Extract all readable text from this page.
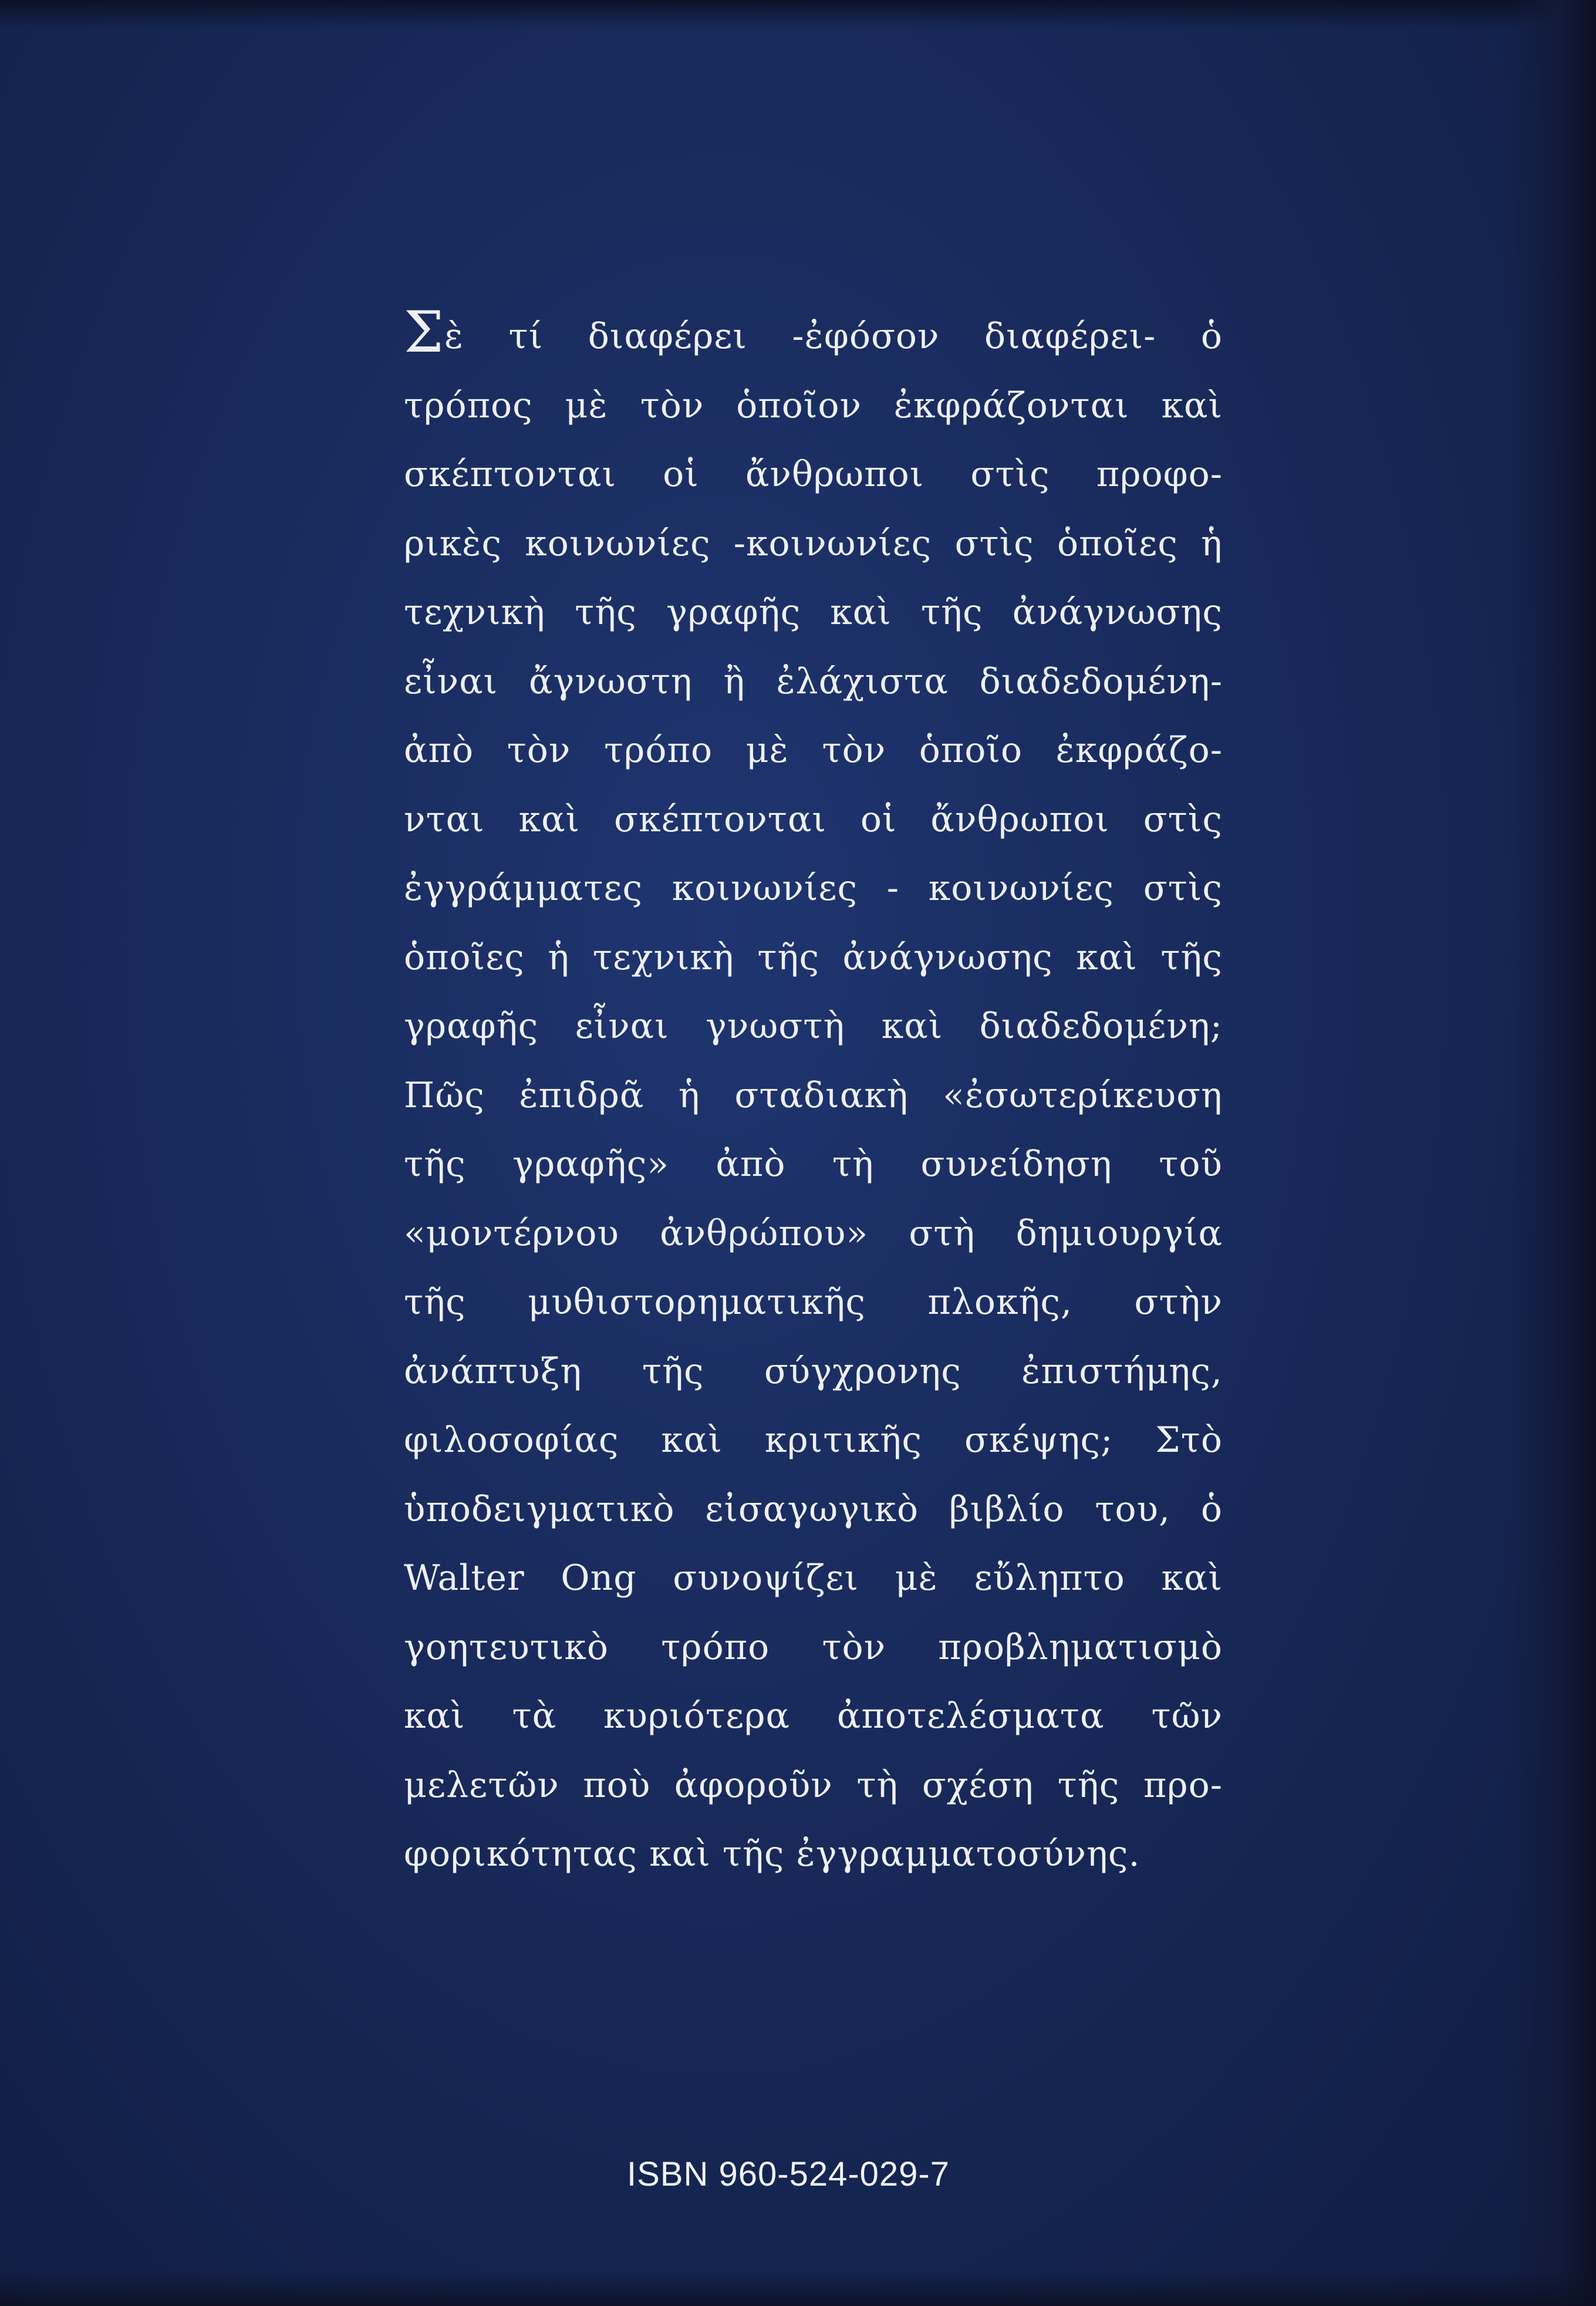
Σὲ τί διαφέρει -ἐφόσον διαφέρει- ὁ
τρόπος μὲ τὸν ὁποῖον ἐκφράζονται καὶ
σκέπτονται οἱ ἄνθρωποι στὶς προφο-
ρικὲς κοινωνίες -κοινωνίες στὶς ὁποῖες ἡ
τεχνικὴ τῆς γραφῆς καὶ τῆς ἀνάγνωσης
εἶναι ἄγνωστη ἢ ἐλάχιστα διαδεδομένη-
ἀπὸ τὸν τρόπο μὲ τὸν ὁποῖο ἐκφράζο-
νται καὶ σκέπτονται οἱ ἄνθρωποι στὶς
ἐγγράμματες κοινωνίες - κοινωνίες στὶς
ὁποῖες ἡ τεχνικὴ τῆς ἀνάγνωσης καὶ τῆς
γραφῆς εἶναι γνωστὴ καὶ διαδεδομένη;
Πῶς ἐπιδρᾶ ἡ σταδιακὴ «ἐσωτερίκευση
τῆς γραφῆς» ἀπὸ τὴ συνείδηση τοῦ
«μοντέρνου ἀνθρώπου» στὴ δημιουργία
τῆς μυθιστορηματικῆς πλοκῆς, στὴν
ἀνάπτυξη τῆς σύγχρονης ἐπιστήμης,
φιλοσοφίας καὶ κριτικῆς σκέψης; Στὸ
ὑποδειγματικὸ εἰσαγωγικὸ βιβλίο του, ὁ
Walter Ong συνοψίζει μὲ εὔληπτο καὶ
γοητευτικὸ τρόπο τὸν προβληματισμὸ
καὶ τὰ κυριότερα ἀποτελέσματα τῶν
μελετῶν ποὺ ἀφοροῦν τὴ σχέση τῆς προ-
φορικότητας καὶ τῆς ἐγγραμματοσύνης.
ISBN 960-524-029-7
